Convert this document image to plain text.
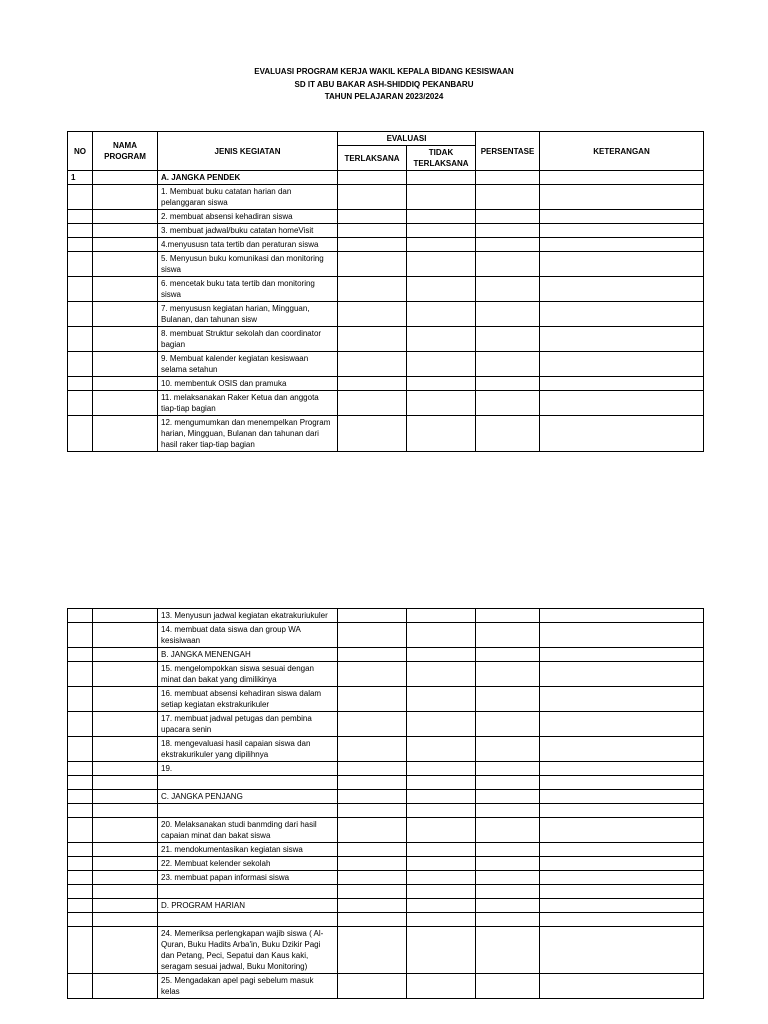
EVALUASI PROGRAM KERJA WAKIL KEPALA BIDANG KESISWAAN
SD IT ABU BAKAR ASH-SHIDDIQ PEKANBARU
TAHUN PELAJARAN 2023/2024
NO	NAMA PROGRAM	JENIS KEGIATAN	EVALUASI		PERSENTASE	KETERANGAN
			TERLAKSANA	TIDAK TERLAKSANA		
1		A. JANGKA PENDEK				
		1. Membuat buku catatan harian dan pelanggaran siswa				
		2. membuat absensi kehadiran siswa				
		3. membuat jadwal/buku catatan homeVisit				
		4.menyususn tata tertib dan peraturan siswa				
		5. Menyusun buku komunikasi dan monitoring siswa				
		6. mencetak buku tata tertib dan monitoring siswa				
		7. menyususn kegiatan harian, Mingguan, Bulanan, dan tahunan sisw				
		8. membuat Struktur sekolah dan coordinator bagian				
		9. Membuat kalender kegiatan kesiswaan selama setahun				
		10. membentuk OSIS dan pramuka				
		11. melaksanakan Raker Ketua dan anggota tiap-tiap bagian				
		12. mengumumkan dan menempelkan Program harian, Mingguan, Bulanan dan tahunan dari hasil raker tiap-tiap bagian				
		13. Menyusun jadwal kegiatan ekatrakuriukuler				
		14. membuat data siswa dan group WA kesisiwaan				
		B. JANGKA MENENGAH				
		15. mengelompokkan siswa sesuai dengan minat dan bakat yang dimilikinya				
		16. membuat absensi kehadiran siswa dalam setiap kegiatan ekstrakurikuler				
		17. membuat jadwal petugas dan pembina upacara senin				
		18. mengevaluasi hasil capaian siswa dan ekstrakurikuler yang dipilihnya				
		19.				

		C. JANGKA PENJANG				

		20. Melaksanakan studi banmding dari hasil capaian minat dan bakat siswa				
		21. mendokumentasikan kegiatan siswa				
		22. Membuat kelender sekolah				
		23. membuat papan informasi siswa				

		D. PROGRAM HARIAN				

		24. Memeriksa perlengkapan wajib siswa ( Al-Quran, Buku Hadits Arba'in, Buku Dzikir Pagi dan Petang, Peci, Sepatui dan Kaus kaki, seragam sesuai jadwal, Buku Monitoring)				
		25. Mengadakan apel pagi sebelum masuk kelas				
